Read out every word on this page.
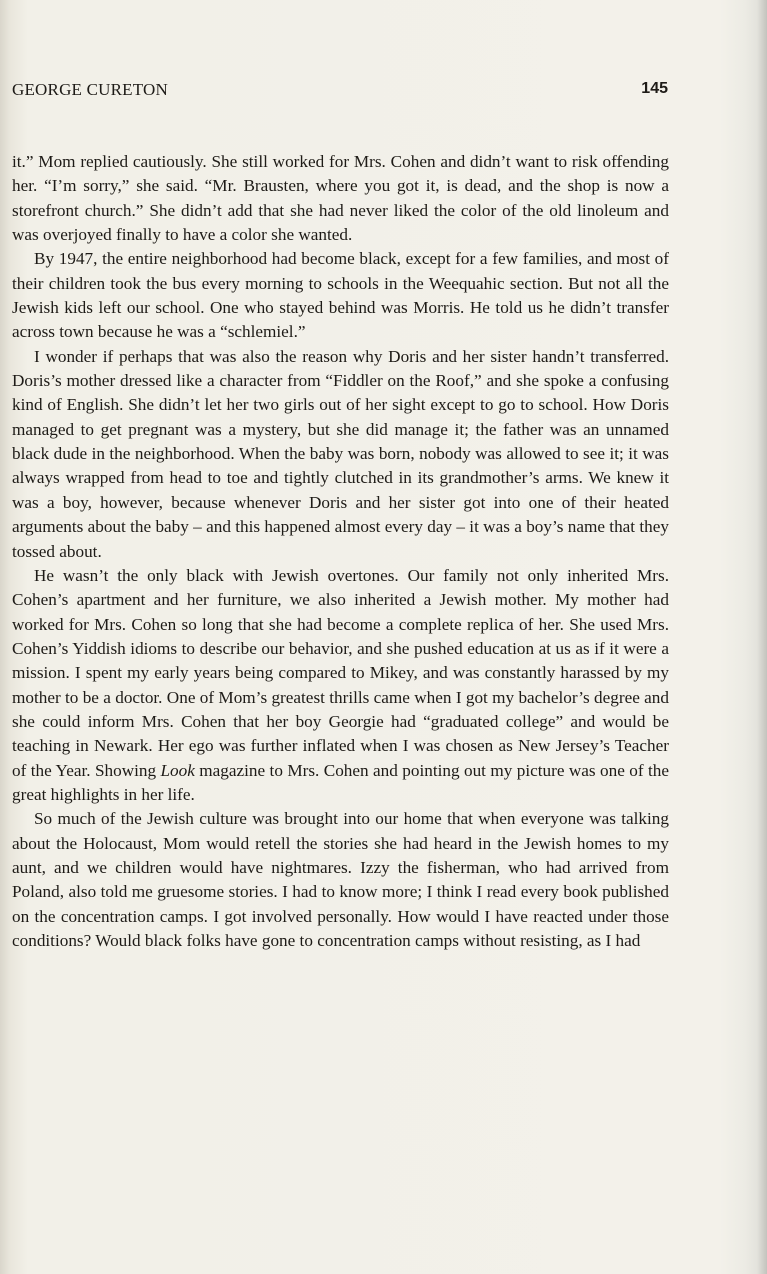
GEORGE CURETON	145

it.” Mom replied cautiously. She still worked for Mrs. Cohen and didn’t want to risk offending her. “I’m sorry,” she said. “Mr. Brausten, where you got it, is dead, and the shop is now a storefront church.” She didn’t add that she had never liked the color of the old linoleum and was overjoyed finally to have a color she wanted.

By 1947, the entire neighborhood had become black, except for a few families, and most of their children took the bus every morning to schools in the Weequahic section. But not all the Jewish kids left our school. One who stayed behind was Morris. He told us he didn’t transfer across town because he was a “schlemiel.”

I wonder if perhaps that was also the reason why Doris and her sister handn’t transferred. Doris’s mother dressed like a character from “Fiddler on the Roof,” and she spoke a confusing kind of English. She didn’t let her two girls out of her sight except to go to school. How Doris managed to get pregnant was a mystery, but she did manage it; the father was an unnamed black dude in the neighborhood. When the baby was born, nobody was allowed to see it; it was always wrapped from head to toe and tightly clutched in its grandmother’s arms. We knew it was a boy, however, because whenever Doris and her sister got into one of their heated arguments about the baby – and this happened almost every day – it was a boy’s name that they tossed about.

He wasn’t the only black with Jewish overtones. Our family not only inherited Mrs. Cohen’s apartment and her furniture, we also inherited a Jewish mother. My mother had worked for Mrs. Cohen so long that she had become a complete replica of her. She used Mrs. Cohen’s Yiddish idioms to describe our behavior, and she pushed education at us as if it were a mission. I spent my early years being compared to Mikey, and was constantly harassed by my mother to be a doctor. One of Mom’s greatest thrills came when I got my bachelor’s degree and she could inform Mrs. Cohen that her boy Georgie had “graduated college” and would be teaching in Newark. Her ego was further inflated when I was chosen as New Jersey’s Teacher of the Year. Showing Look magazine to Mrs. Cohen and pointing out my picture was one of the great highlights in her life.

So much of the Jewish culture was brought into our home that when everyone was talking about the Holocaust, Mom would retell the stories she had heard in the Jewish homes to my aunt, and we children would have nightmares. Izzy the fisherman, who had arrived from Poland, also told me gruesome stories. I had to know more; I think I read every book published on the concentration camps. I got involved personally. How would I have reacted under those conditions? Would black folks have gone to concentration camps without resisting, as I had
